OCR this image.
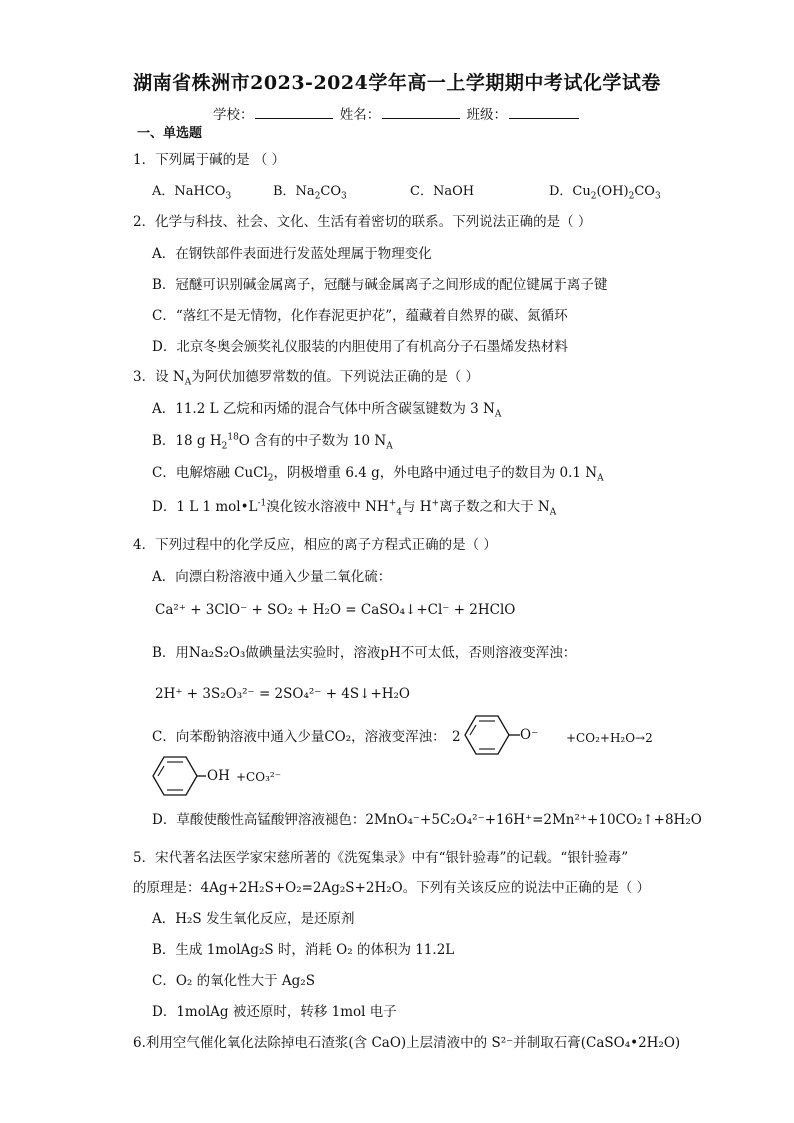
湖南省株洲市2023-2024学年高一上学期期中考试化学试卷
学校：	姓名：	班级：
一、单选题
1．下列属于碱的是 （ ）
A．NaHCO$_3$	B．$Na_2CO_3$	C．NaOH	D．$Cu_2(OH)_2CO_3$
2．化学与科技、社会、文化、生活有着密切的联系。下列说法正确的是（ ）
A．在钢铁部件表面进行发蓝处理属于物理变化
B．冠醚可识别碱金属离子，冠醚与碱金属离子之间形成的配位键属于离子键
C．“落红不是无情物，化作春泥更护花”，蕴藏着自然界的碳、氮循环
D．北京冬奥会颁奖礼仪服装的内胆使用了有机高分子石墨烯发热材料
3．设 $N_A$为阿伏加德罗常数的值。下列说法正确的是（ ）
A．11.2 L 乙烷和丙烯的混合气体中所含碳氢键数为 3 $N_A$
B．18 g $H_2^{18}O$ 含有的中子数为 10 $N_A$
C．电解熔融 CuCl$_2$，阴极增重 6.4 g，外电路中通过电子的数目为 0.1 $N_A$
D．1 L 1 $mol•L^{-1}$溴化铵水溶液中 $NH^+_4$与 H+离子数之和大于 $N_A$
4．下列过程中的化学反应，相应的离子方程式正确的是（ ）
A．向漂白粉溶液中通入少量二氧化硫：
Ca²⁺ + 3ClO⁻ + SO₂ + H₂O = CaSO₄↓+Cl⁻ + 2HClO
B．用Na₂S₂O₃做碘量法实验时，溶液pH不可太低，否则溶液变浑浊：
2H⁺ + 3S₂O₃²⁻ = 2SO₄²⁻ + 4S↓+H₂O
C．向苯酚钠溶液中通入少量CO₂，溶液变浑浊： 2	O⁻ +CO₂+H₂O→2
OH +CO₃²⁻
D．草酸使酸性高锰酸钾溶液褪色：2MnO₄⁻+5C₂O₄²⁻+16H⁺=2Mn²⁺+10CO₂↑+8H₂O
5．宋代著名法医学家宋慈所著的《洗冤集录》中有“银针验毒”的记载。“银针验毒”
的原理是：4Ag+2H₂S+O₂=2Ag₂S+2H₂O。下列有关该反应的说法中正确的是（ ）
A．H₂S 发生氧化反应，是还原剂
B．生成 1molAg₂S 时，消耗 O₂ 的体积为 11.2L
C．O₂ 的氧化性大于 Ag₂S
D．1molAg 被还原时，转移 1mol 电子
6.利用空气催化氧化法除掉电石渣浆(含 CaO)上层清液中的 S²⁻并制取石膏(CaSO₄•2H₂O)
